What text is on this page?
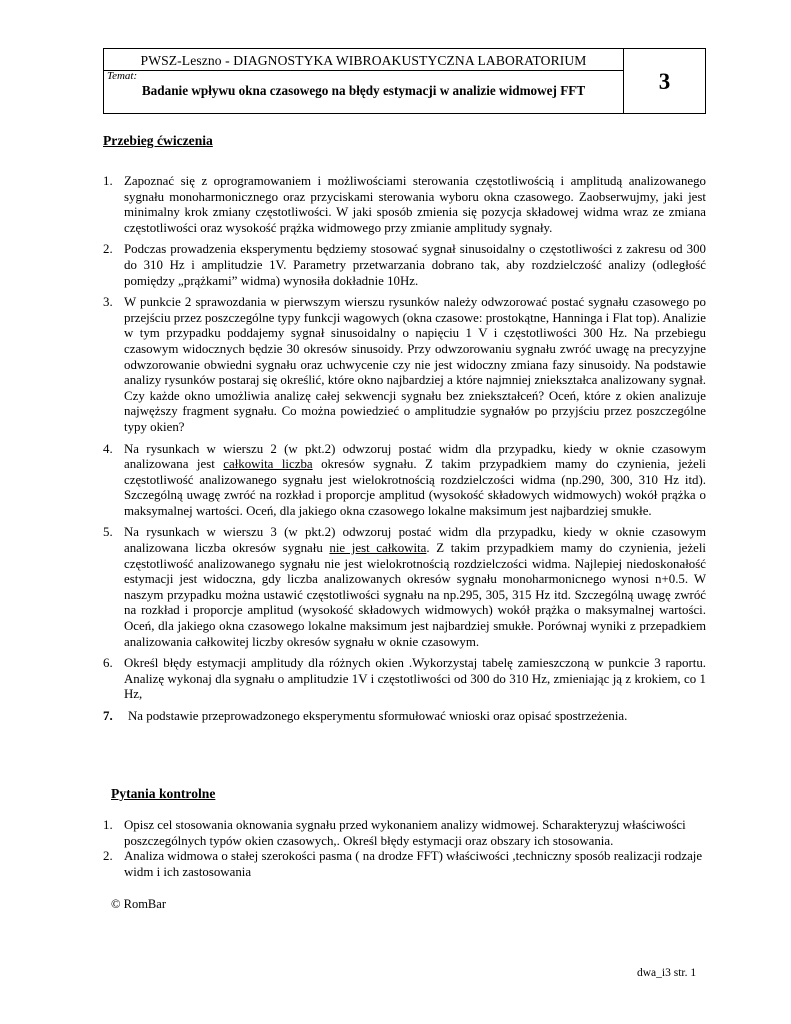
PWSZ-Leszno - DIAGNOSTYKA WIBROAKUSTYCZNA LABORATORIUM
Temat:
Badanie wpływu okna czasowego na błędy estymacji w analizie widmowej FFT	3
Przebieg ćwiczenia
1. Zapoznać się z oprogramowaniem i możliwościami sterowania częstotliwością i amplitudą analizowanego sygnału monoharmonicznego oraz przyciskami sterowania wyboru okna czasowego. Zaobserwujmy, jaki jest minimalny krok zmiany częstotliwości. W jaki sposób zmienia się pozycja składowej widma wraz ze zmiana częstotliwości oraz wysokość prążka widmowego przy zmianie amplitudy sygnały.
2. Podczas prowadzenia eksperymentu będziemy stosować sygnał sinusoidalny o częstotliwości z zakresu od 300 do 310 Hz i amplitudzie 1V. Parametry przetwarzania dobrano tak, aby rozdzielczość analizy (odległość pomiędzy „prążkami” widma) wynosiła dokładnie 10Hz.
3. W punkcie 2 sprawozdania w pierwszym wierszu rysunków należy odwzorować postać sygnału czasowego po przejściu przez poszczególne typy funkcji wagowych (okna czasowe: prostokątne, Hanninga i Flat top). Analizie w tym przypadku poddajemy sygnał sinusoidalny o napięciu 1 V i częstotliwości 300 Hz. Na przebiegu czasowym widocznych będzie 30 okresów sinusoidy. Przy odwzorowaniu sygnału zwróć uwagę na precyzyjne odwzorowanie obwiedni sygnału oraz uchwycenie czy nie jest widoczny zmiana fazy sinusoidy. Na podstawie analizy rysunków postaraj się określić, które okno najbardziej a które najmniej zniekształca analizowany sygnał. Czy każde okno umożliwia analizę całej sekwencji sygnału bez zniekształceń? Oceń, które z okien analizuje najwęższy fragment sygnału. Co można powiedzieć o amplitudzie sygnałów po przyjściu przez poszczególne typy okien?
4. Na rysunkach w wierszu 2 (w pkt.2) odwzoruj postać widm dla przypadku, kiedy w oknie czasowym analizowana jest całkowita liczba okresów sygnału. Z takim przypadkiem mamy do czynienia, jeżeli częstotliwość analizowanego sygnału jest wielokrotnością rozdzielczości widma (np.290, 300, 310 Hz itd). Szczególną uwagę zwróć na rozkład i proporcje amplitud (wysokość składowych widmowych) wokół prążka o maksymalnej wartości. Oceń, dla jakiego okna czasowego lokalne maksimum jest najbardziej smukłe.
5. Na rysunkach w wierszu 3 (w pkt.2) odwzoruj postać widm dla przypadku, kiedy w oknie czasowym analizowana liczba okresów sygnału nie jest całkowita. Z takim przypadkiem mamy do czynienia, jeżeli częstotliwość analizowanego sygnału nie jest wielokrotnością rozdzielczości widma. Najlepiej niedoskonałość estymacji jest widoczna, gdy liczba analizowanych okresów sygnału monoharmonicnego wynosi n+0.5. W naszym przypadku można ustawić częstotliwości sygnału na np.295, 305, 315 Hz itd. Szczególną uwagę zwróć na rozkład i proporcje amplitud (wysokość składowych widmowych) wokół prążka o maksymalnej wartości. Oceń, dla jakiego okna czasowego lokalne maksimum jest najbardziej smukłe. Porównaj wyniki z przepadkiem analizowania całkowitej liczby okresów sygnału w oknie czasowym.
6. Określ błędy estymacji amplitudy dla różnych okien .Wykorzystaj tabelę zamieszczoną w punkcie 3 raportu. Analizę wykonaj dla sygnału o amplitudzie 1V i częstotliwości od 300 do 310 Hz, zmieniając ją z krokiem, co 1 Hz,
7. Na podstawie przeprowadzonego eksperymentu sformułować wnioski oraz opisać spostrzeżenia.
Pytania kontrolne
1. Opisz cel stosowania oknowania sygnału przed wykonaniem analizy widmowej. Scharakteryzuj właściwości poszczególnych typów okien czasowych,. Określ błędy estymacji oraz obszary ich stosowania.
2. Analiza widmowa o stałej szerokości pasma ( na drodze FFT) właściwości ,techniczny sposób realizacji rodzaje widm i ich zastosowania
© RomBar
dwa_i3 str. 1
